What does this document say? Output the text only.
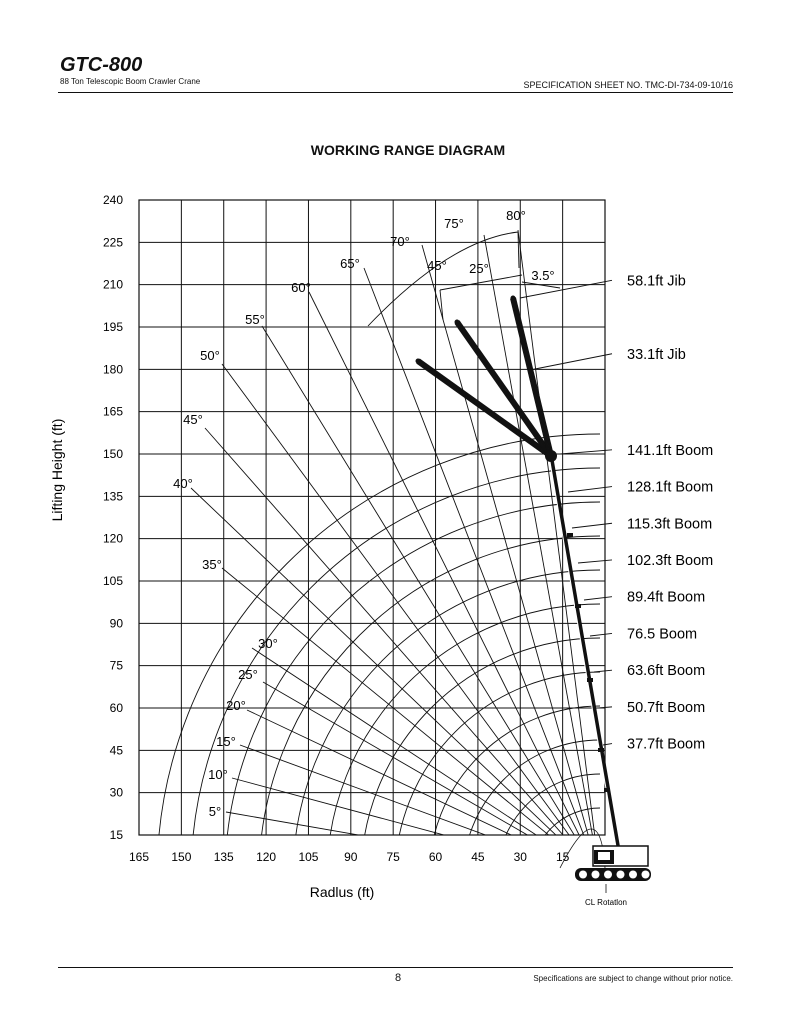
GTC-800
88 Ton Telescopic Boom Crawler Crane	SPECIFICATION SHEET NO. TMC-DI-734-09-10/16
WORKING RANGE DIAGRAM
165 150 135 120 105 90 75 60 45 30 15
240
225
210
195
180
165
150
135
120
105
90
75
60
45
30
15
80°
75°
70°
65°
60°
55°
50°
45°
40°
35°
30°
25°
20°
15°
10°
5°
45° 25°	3.5°	58.1ft Jib
33.1ft Jib
141.1ft Boom
128.1ft Boom
115.3ft Boom
102.3ft Boom
89.4ft Boom
76.5 Boom
63.6ft Boom
50.7ft Boom
37.7ft Boom
Radlus (ft)
Lifting Height (ft)
CL Rotatlon
8	Specifications are subject to change without prior notice.
